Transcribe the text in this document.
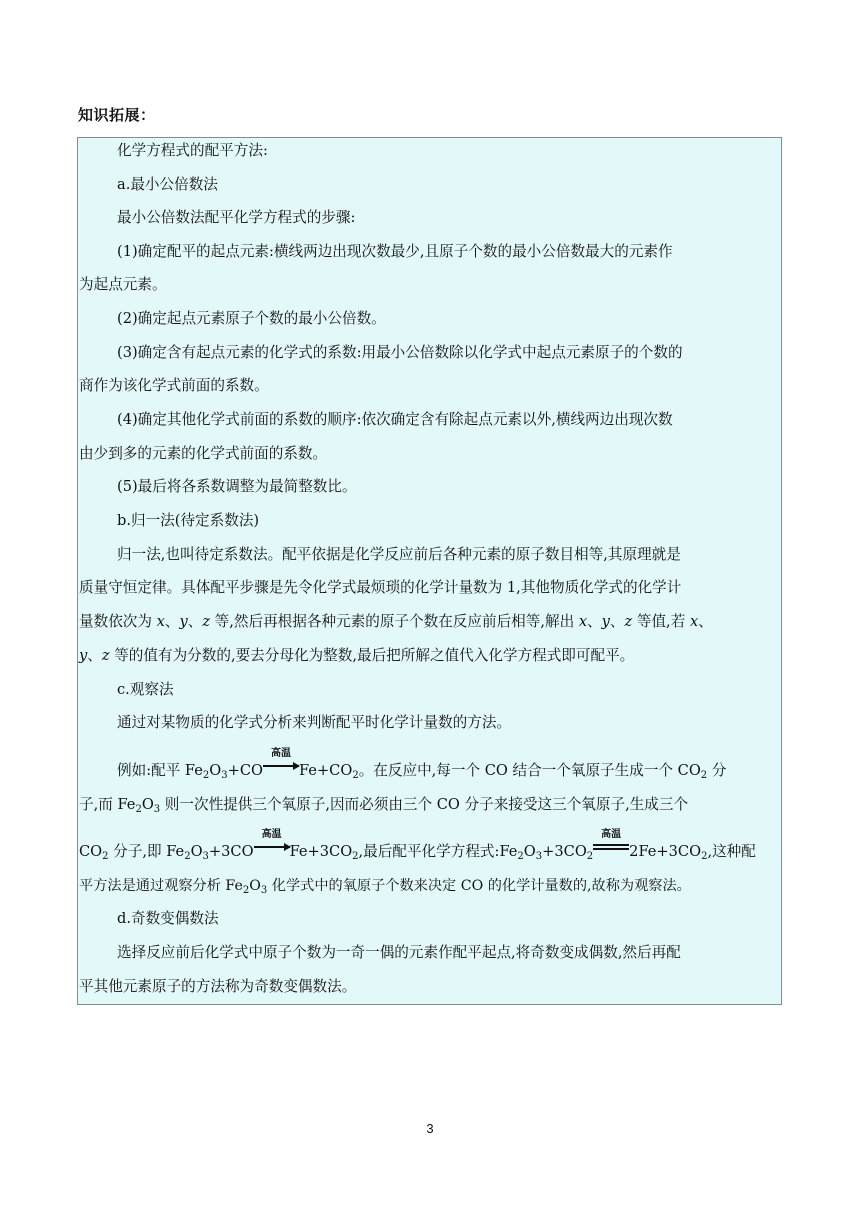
知识拓展：
化学方程式的配平方法:
a.最小公倍数法
最小公倍数法配平化学方程式的步骤:
(1)确定配平的起点元素:横线两边出现次数最少,且原子个数的最小公倍数最大的元素作
为起点元素。
(2)确定起点元素原子个数的最小公倍数。
(3)确定含有起点元素的化学式的系数:用最小公倍数除以化学式中起点元素原子的个数的
商作为该化学式前面的系数。
(4)确定其他化学式前面的系数的顺序:依次确定含有除起点元素以外,横线两边出现次数
由少到多的元素的化学式前面的系数。
(5)最后将各系数调整为最简整数比。
b.归一法(待定系数法)
归一法,也叫待定系数法。配平依据是化学反应前后各种元素的原子数目相等,其原理就是
质量守恒定律。具体配平步骤是先令化学式最烦琐的化学计量数为 1,其他物质化学式的化学计
量数依次为 x、y、z 等,然后再根据各种元素的原子个数在反应前后相等,解出 x、y、z 等值,若 x、
y、z 等的值有为分数的,要去分母化为整数,最后把所解之值代入化学方程式即可配平。
c.观察法
通过对某物质的化学式分析来判断配平时化学计量数的方法。
例如:配平 $Fe_2O_3+CO$
高温
$Fe+CO_2$。在反应中,每一个 CO 结合一个氧原子生成一个 $CO_2$ 分
子,而 $Fe_2O_3$ 则一次性提供三个氧原子,因而必须由三个 CO 分子来接受这三个氧原子,生成三个
$CO_2$ 分子,即 $Fe_2O_3+3CO$
高温
$Fe+3CO_2$,最后配平化学方程式$:Fe_2O_3+3CO_2$
高温
$2Fe+3CO_2$,这种配
平方法是通过观察分析 $Fe_2O_3$ 化学式中的氧原子个数来决定 CO 的化学计量数的,故称为观察法。
d.奇数变偶数法
选择反应前后化学式中原子个数为一奇一偶的元素作配平起点,将奇数变成偶数,然后再配
平其他元素原子的方法称为奇数变偶数法。
3
